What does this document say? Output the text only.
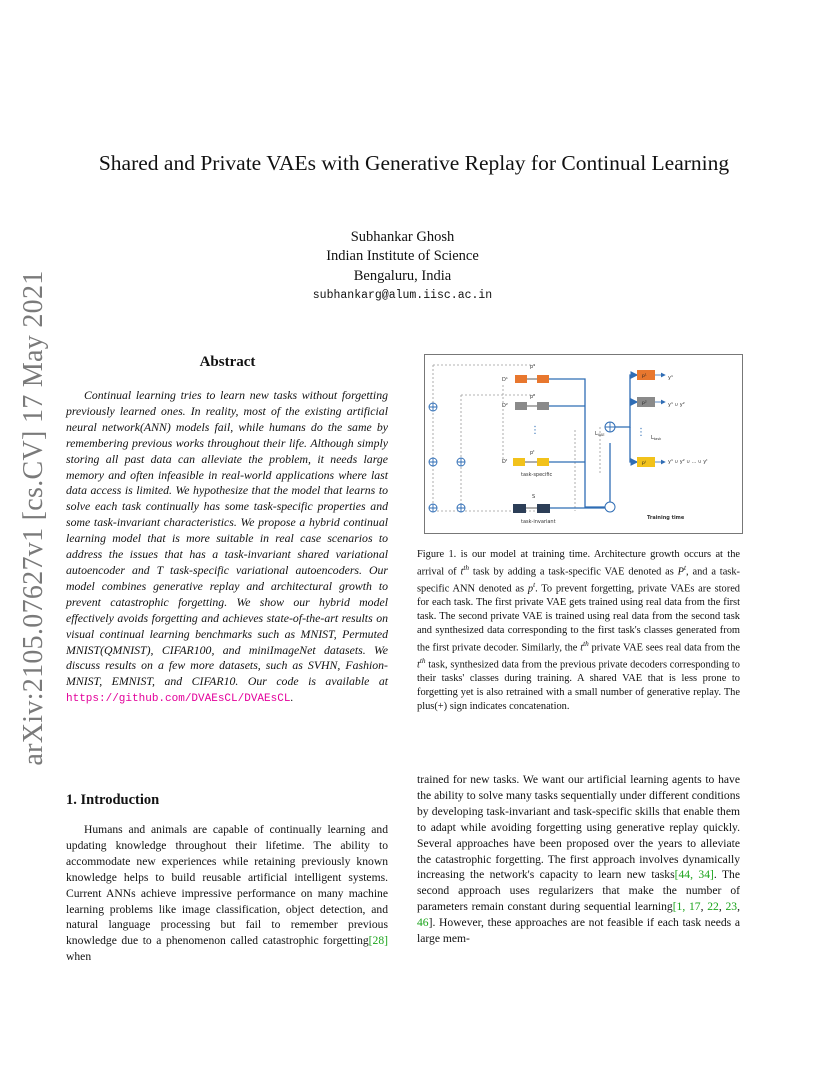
arXiv:2105.07627v1 [cs.CV] 17 May 2021
Shared and Private VAEs with Generative Replay for Continual Learning
Subhankar Ghosh
Indian Institute of Science
Bengaluru, India
subhankarg@alum.iisc.ac.in
Abstract
Continual learning tries to learn new tasks without forgetting previously learned ones. In reality, most of the existing artificial neural network(ANN) models fail, while humans do the same by remembering previous works throughout their life. Although simply storing all past data can alleviate the problem, it needs large memory and often infeasible in real-world applications where last data access is limited. We hypothesize that the model that learns to solve each task continually has some task-specific properties and some task-invariant characteristics. We propose a hybrid continual learning model that is more suitable in real case scenarios to address the issues that has a task-invariant shared variational autoencoder and T task-specific variational autoencoders. Our model combines generative replay and architectural growth to prevent catastrophic forgetting. We show our hybrid model effectively avoids forgetting and achieves state-of-the-art results on visual continual learning benchmarks such as MNIST, Permuted MNIST(QMNIST), CIFAR100, and miniImageNet datasets. We discuss results on a few more datasets, such as SVHN, Fashion-MNIST, EMNIST, and CIFAR10. Our code is available at https://github.com/DVAEsCL/DVAEsCL.
D¹
D²
Dᵗ
p¹
p²
pᵗ
task-specific
task-invariant
S
$L_{VAE}$	$L_{task}$
Training time
y¹
y¹ ∪ y²
y¹ ∪ y² ∪ ... ∪ yᵗ
⋮	⋮
p¹
p²
pᵗ
Figure 1. is our model at training time. Architecture growth occurs at the arrival of $t^{th}$ task by adding a task-specific VAE denoted as $P^t$, and a task-specific ANN denoted as $p^t$. To prevent forgetting, private VAEs are stored for each task. The first private VAE gets trained using real data from the first task. The second private VAE is trained using real data from the second task and synthesized data corresponding to the first task's classes generated from the first private decoder. Similarly, the $t^{th}$ private VAE sees real data from the $t^{th}$ task, synthesized data from the previous private decoders corresponding to their tasks' classes during training. A shared VAE that is less prone to forgetting yet is also retrained with a small number of generative replay. The plus(+) sign indicates concatenation.
1. Introduction
Humans and animals are capable of continually learning and updating knowledge throughout their lifetime. The ability to accommodate new experiences while retaining previously known knowledge helps to build reusable artificial intelligent systems. Current ANNs achieve impressive performance on many machine learning problems like image classification, object detection, and natural language processing but fail to remember previous knowledge due to a phenomenon called catastrophic forgetting[28] when
trained for new tasks. We want our artificial learning agents to have the ability to solve many tasks sequentially under different conditions by developing task-invariant and task-specific skills that enable them to adapt while avoiding forgetting using generative replay quickly. Several approaches have been proposed over the years to alleviate the catastrophic forgetting. The first approach involves dynamically increasing the network's capacity to learn new tasks[44, 34]. The second approach uses regularizers that make the number of parameters remain constant during sequential learning[1, 17, 22, 23, 46]. However, these approaches are not feasible if each task needs a large mem-
